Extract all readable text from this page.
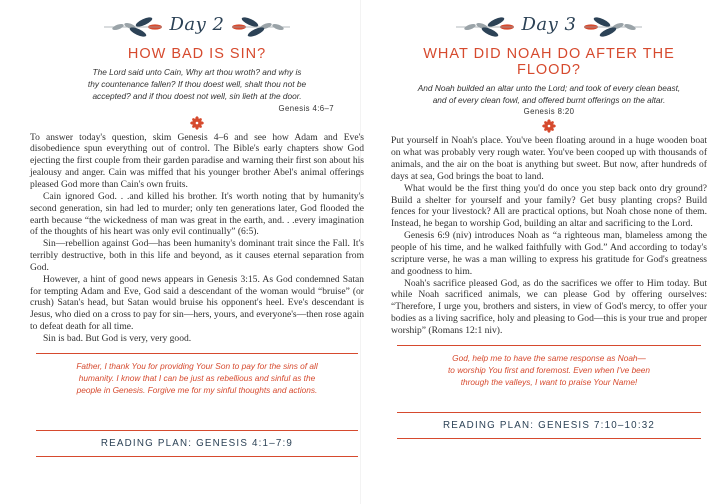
Day 2
HOW BAD IS SIN?
The Lord said unto Cain, Why art thou wroth? and why is
thy countenance fallen? If thou doest well, shalt thou not be
accepted? and if thou doest not well, sin lieth at the door.
Genesis 4:6–7

To answer today's question, skim Genesis 4–6 and see how Adam and Eve's disobedience spun everything out of control. The Bible's early chapters show God ejecting the first couple from their garden paradise and warning their first son about his jealousy and anger. Cain was miffed that his younger brother Abel's animal offerings pleased God more than Cain's own fruits.

Cain ignored God. . .and killed his brother. It's worth noting that by humanity's second generation, sin had led to murder; only ten generations later, God flooded the earth because “the wickedness of man was great in the earth, and. . .every imagination of the thoughts of his heart was only evil continually” (6:5).

Sin—rebellion against God—has been humanity's dominant trait since the Fall. It's terribly destructive, both in this life and beyond, as it causes eternal separation from God.

However, a hint of good news appears in Genesis 3:15. As God condemned Satan for tempting Adam and Eve, God said a descendant of the woman would “bruise” (or crush) Satan's head, but Satan would bruise his opponent's heel. Eve's descendant is Jesus, who died on a cross to pay for sin—hers, yours, and everyone's—then rose again to defeat death for all time.

Sin is bad. But God is very, very good.

Father, I thank You for providing Your Son to pay for the sins of all
humanity. I know that I can be just as rebellious and sinful as the
people in Genesis. Forgive me for my sinful thoughts and actions.
READING PLAN: GENESIS 4:1–7:9
Day 3
WHAT DID NOAH DO AFTER THE FLOOD?
And Noah builded an altar unto the Lord; and took of every clean beast,
and of every clean fowl, and offered burnt offerings on the altar.
Genesis 8:20

Put yourself in Noah's place. You've been floating around in a huge wooden boat on what was probably very rough water. You've been cooped up with thousands of animals, and the air on the boat is anything but sweet. But now, after hundreds of days at sea, God brings the boat to land.

What would be the first thing you'd do once you step back onto dry ground? Build a shelter for yourself and your family? Get busy planting crops? Build fences for your livestock? All are practical options, but Noah chose none of them. Instead, he began to worship God, building an altar and sacrificing to the Lord.

Genesis 6:9 (niv) introduces Noah as “a righteous man, blameless among the people of his time, and he walked faithfully with God.” And according to today's scripture verse, he was a man willing to express his gratitude for God's greatness and goodness to him.

Noah's sacrifice pleased God, as do the sacrifices we offer to Him today. But while Noah sacrificed animals, we can please God by offering ourselves: “Therefore, I urge you, brothers and sisters, in view of God's mercy, to offer your bodies as a living sacrifice, holy and pleasing to God—this is your true and proper worship” (Romans 12:1 niv).

God, help me to have the same response as Noah—
to worship You first and foremost. Even when I've been
through the valleys, I want to praise Your Name!
READING PLAN: GENESIS 7:10–10:32
